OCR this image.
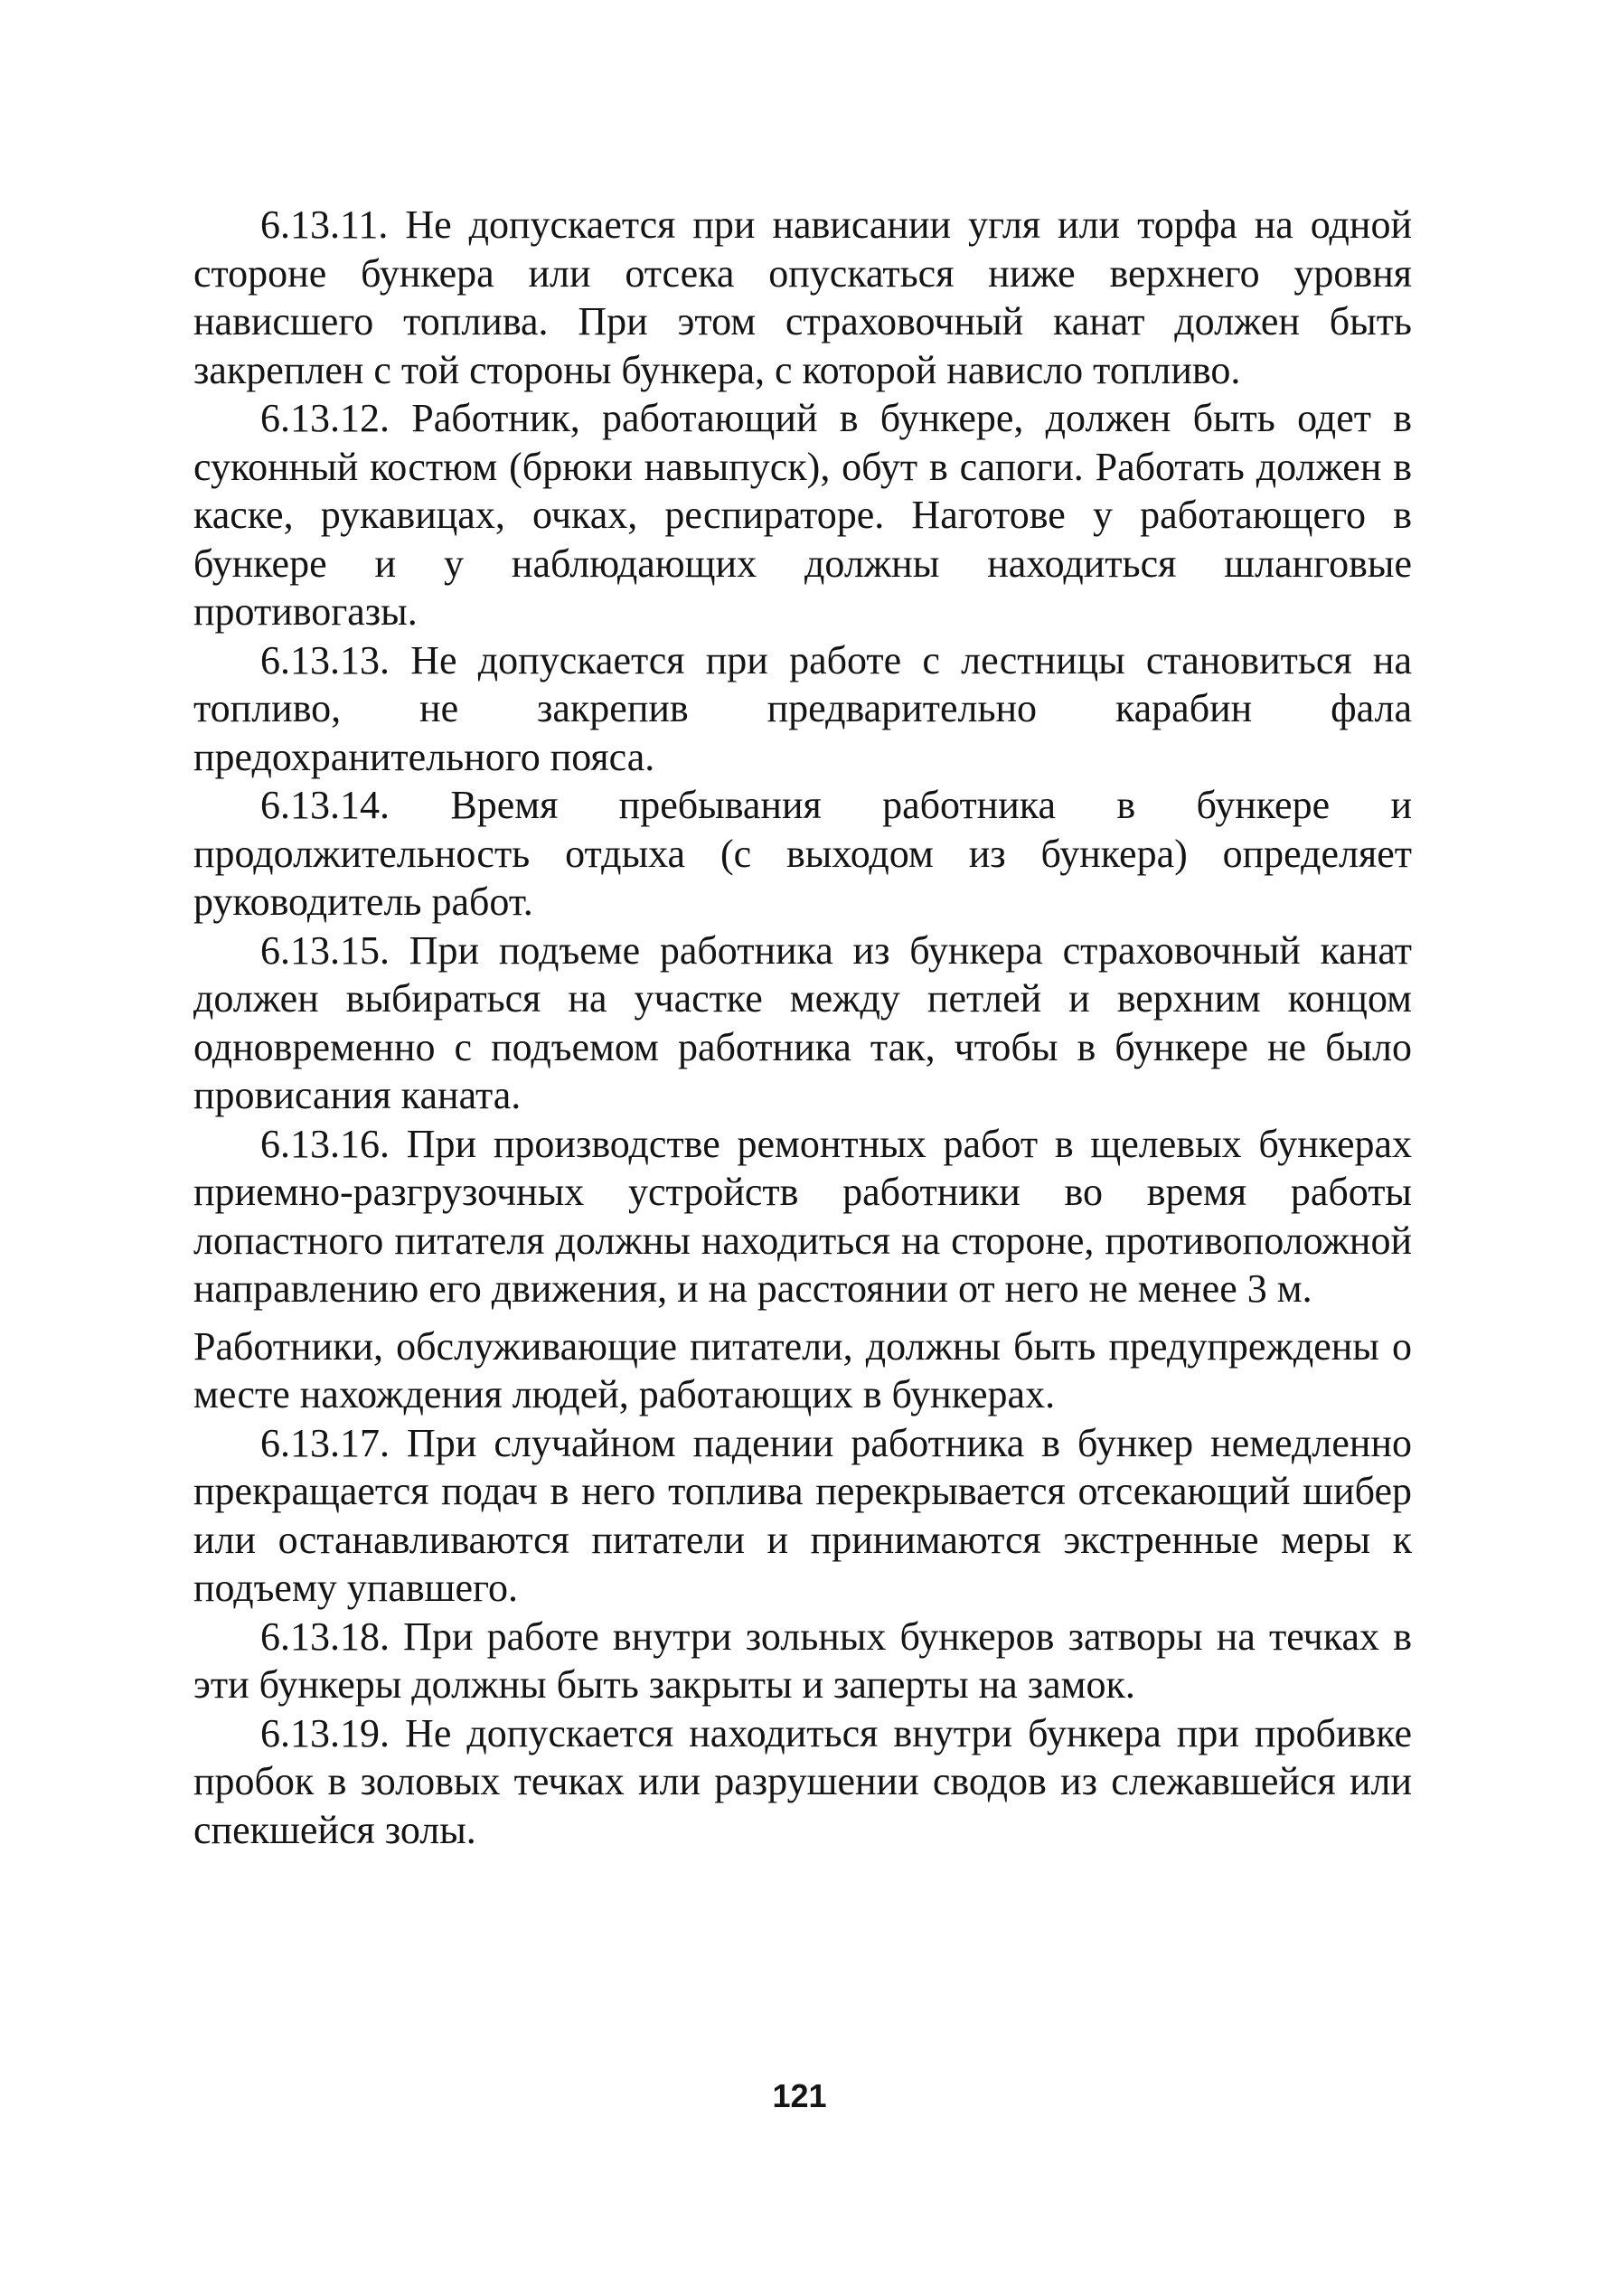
6.13.11. Не допускается при нависании угля или торфа на одной стороне бункера или отсека опускаться ниже верхнего уровня нависшего топлива. При этом страховочный канат должен быть закреплен с той стороны бункера, с которой нависло топливо.

6.13.12. Работник, работающий в бункере, должен быть одет в суконный костюм (брюки навыпуск), обут в сапоги. Работать должен в каске, рукавицах, очках, респираторе. Наготове у работающего в бункере и у наблюдающих должны находиться шланговые противогазы.

6.13.13. Не допускается при работе с лестницы становиться на топливо, не закрепив предварительно карабин фала предохранительного пояса.

6.13.14. Время пребывания работника в бункере и продолжительность отдыха (с выходом из бункера) определяет руководитель работ.

6.13.15. При подъеме работника из бункера страховочный канат должен выбираться на участке между петлей и верхним концом одновременно с подъемом работника так, чтобы в бункере не было провисания каната.

6.13.16. При производстве ремонтных работ в щелевых бункерах приемно-разгрузочных устройств работники во время работы лопастного питателя должны находиться на стороне, противоположной направлению его движения, и на расстоянии от него не менее 3 м.

Работники, обслуживающие питатели, должны быть предупреждены о месте нахождения людей, работающих в бункерах.

6.13.17. При случайном падении работника в бункер немедленно прекращается подач в него топлива перекрывается отсекающий шибер или останавливаются питатели и принимаются экстренные меры к подъему упавшего.

6.13.18. При работе внутри зольных бункеров затворы на течках в эти бункеры должны быть закрыты и заперты на замок.

6.13.19. Не допускается находиться внутри бункера при пробивке пробок в золовых течках или разрушении сводов из слежавшейся или спекшейся золы.

121
